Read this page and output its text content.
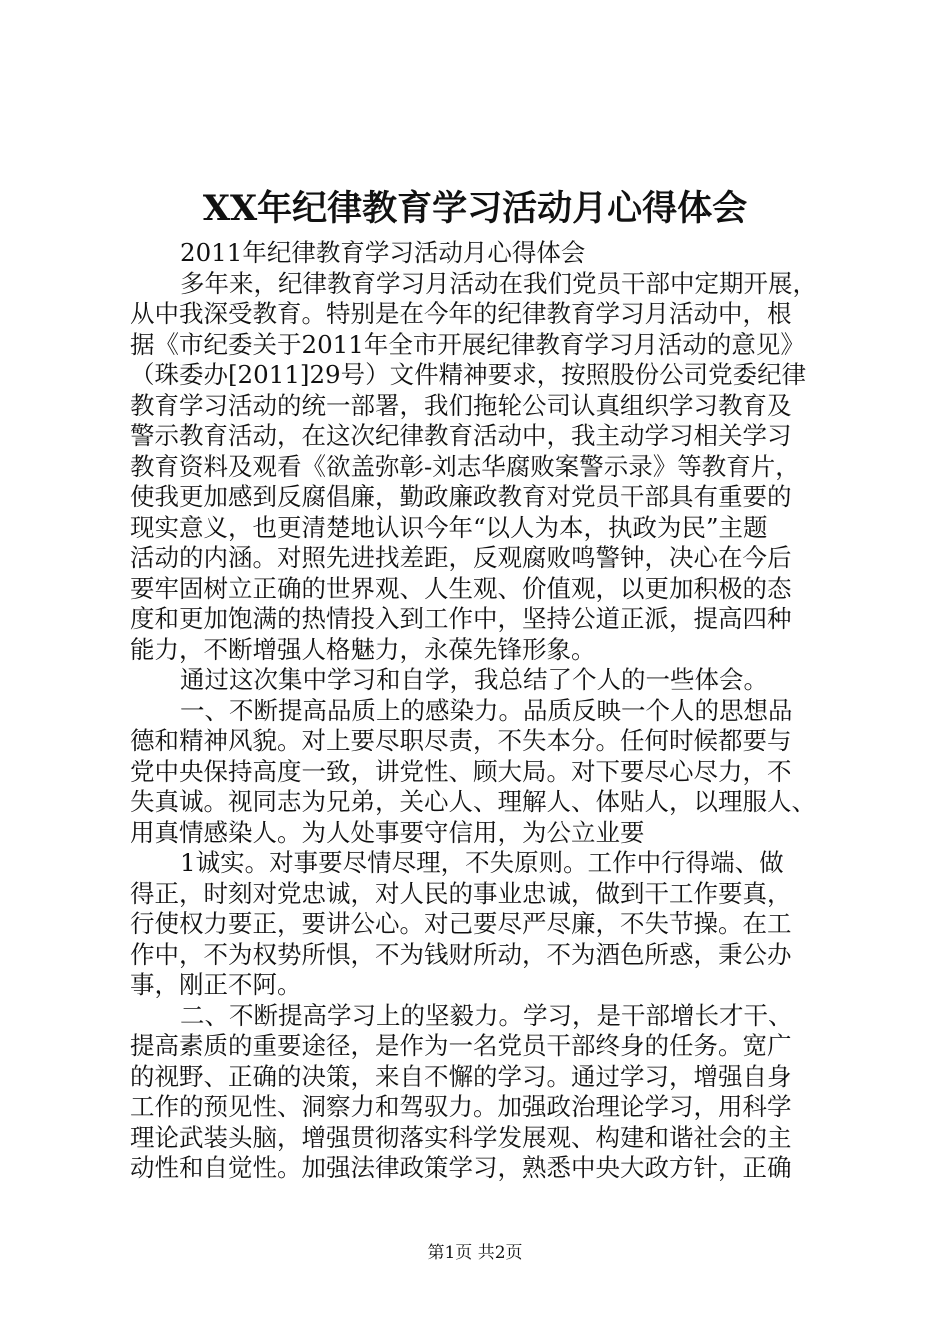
XX年纪律教育学习活动月心得体会
2011年纪律教育学习活动月心得体会
多年来，纪律教育学习月活动在我们党员干部中定期开展，
从中我深受教育。特别是在今年的纪律教育学习月活动中，根
据《市纪委关于2011年全市开展纪律教育学习月活动的意见》
（珠委办[2011]29号）文件精神要求，按照股份公司党委纪律
教育学习活动的统一部署，我们拖轮公司认真组织学习教育及
警示教育活动，在这次纪律教育活动中，我主动学习相关学习
教育资料及观看《欲盖弥彰-刘志华腐败案警示录》等教育片，
使我更加感到反腐倡廉，勤政廉政教育对党员干部具有重要的
现实意义，也更清楚地认识今年“以人为本，执政为民”主题
活动的内涵。对照先进找差距，反观腐败鸣警钟，决心在今后
要牢固树立正确的世界观、人生观、价值观，以更加积极的态
度和更加饱满的热情投入到工作中，坚持公道正派，提高四种
能力，不断增强人格魅力，永葆先锋形象。
通过这次集中学习和自学，我总结了个人的一些体会。
一、不断提高品质上的感染力。品质反映一个人的思想品
德和精神风貌。对上要尽职尽责，不失本分。任何时候都要与
党中央保持高度一致，讲党性、顾大局。对下要尽心尽力，不
失真诚。视同志为兄弟，关心人、理解人、体贴人，以理服人、
用真情感染人。为人处事要守信用，为公立业要
1诚实。对事要尽情尽理，不失原则。工作中行得端、做
得正，时刻对党忠诚，对人民的事业忠诚，做到干工作要真，
行使权力要正，要讲公心。对己要尽严尽廉，不失节操。在工
作中，不为权势所惧，不为钱财所动，不为酒色所惑，秉公办
事，刚正不阿。
二、不断提高学习上的坚毅力。学习，是干部增长才干、
提高素质的重要途径，是作为一名党员干部终身的任务。宽广
的视野、正确的决策，来自不懈的学习。通过学习，增强自身
工作的预见性、洞察力和驾驭力。加强政治理论学习，用科学
理论武装头脑，增强贯彻落实科学发展观、构建和谐社会的主
动性和自觉性。加强法律政策学习，熟悉中央大政方针，正确
第1页 共2页
